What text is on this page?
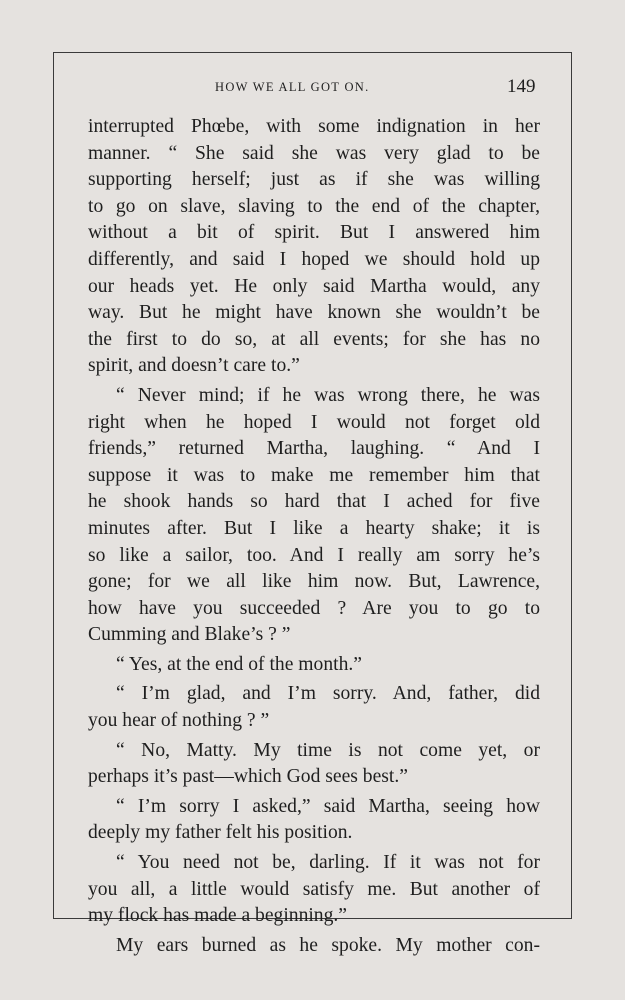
HOW WE ALL GOT ON.	149
interrupted Phœbe, with some indignation in her
manner. “ She said she was very glad to be
supporting herself; just as if she was willing
to go on slave, slaving to the end of the chapter,
without a bit of spirit. But I answered him
differently, and said I hoped we should hold up
our heads yet. He only said Martha would, any
way. But he might have known she wouldn’t be
the first to do so, at all events; for she has no
spirit, and doesn’t care to.”
“ Never mind; if he was wrong there, he was
right when he hoped I would not forget old
friends,” returned Martha, laughing. “ And I
suppose it was to make me remember him that
he shook hands so hard that I ached for five
minutes after. But I like a hearty shake; it is
so like a sailor, too. And I really am sorry he’s
gone; for we all like him now. But, Lawrence,
how have you succeeded ? Are you to go to
Cumming and Blake’s ? ”
“ Yes, at the end of the month.”
“ I’m glad, and I’m sorry. And, father, did
you hear of nothing ? ”
“ No, Matty. My time is not come yet, or
perhaps it’s past—which God sees best.”
“ I’m sorry I asked,” said Martha, seeing how
deeply my father felt his position.
“ You need not be, darling. If it was not for
you all, a little would satisfy me. But another of
my flock has made a beginning.”
My ears burned as he spoke. My mother con-
